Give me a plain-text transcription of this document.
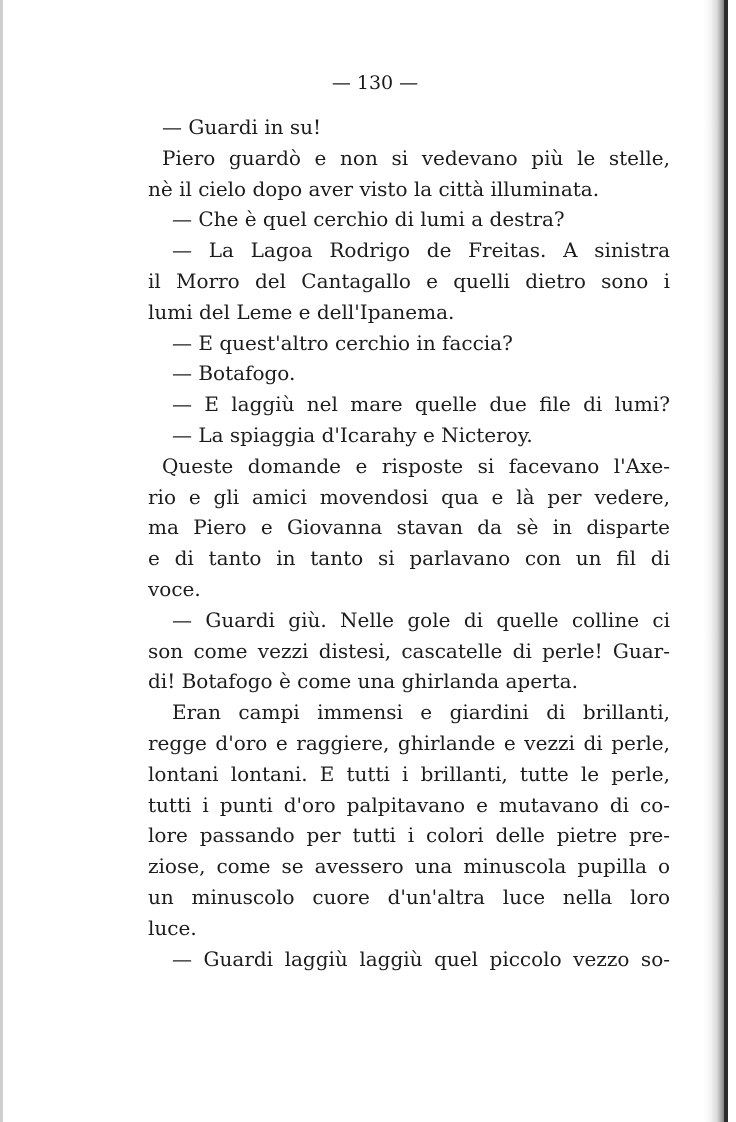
— 130 —
— Guardi in su!
Piero guardò e non si vedevano più le stelle,
nè il cielo dopo aver visto la città illuminata.
— Che è quel cerchio di lumi a destra?
— La Lagoa Rodrigo de Freitas. A sinistra
il Morro del Cantagallo e quelli dietro sono i
lumi del Leme e dell'Ipanema.
— E quest'altro cerchio in faccia?
— Botafogo.
— E laggiù nel mare quelle due file di lumi?
— La spiaggia d'Icarahy e Nicteroy.
Queste domande e risposte si facevano l'Axe-
rio e gli amici movendosi qua e là per vedere,
ma Piero e Giovanna stavan da sè in disparte
e di tanto in tanto si parlavano con un fil di
voce.
— Guardi giù. Nelle gole di quelle colline ci
son come vezzi distesi, cascatelle di perle! Guar-
di! Botafogo è come una ghirlanda aperta.
Eran campi immensi e giardini di brillanti,
regge d'oro e raggiere, ghirlande e vezzi di perle,
lontani lontani. E tutti i brillanti, tutte le perle,
tutti i punti d'oro palpitavano e mutavano di co-
lore passando per tutti i colori delle pietre pre-
ziose, come se avessero una minuscola pupilla o
un minuscolo cuore d'un'altra luce nella loro
luce.
— Guardi laggiù laggiù quel piccolo vezzo so-
